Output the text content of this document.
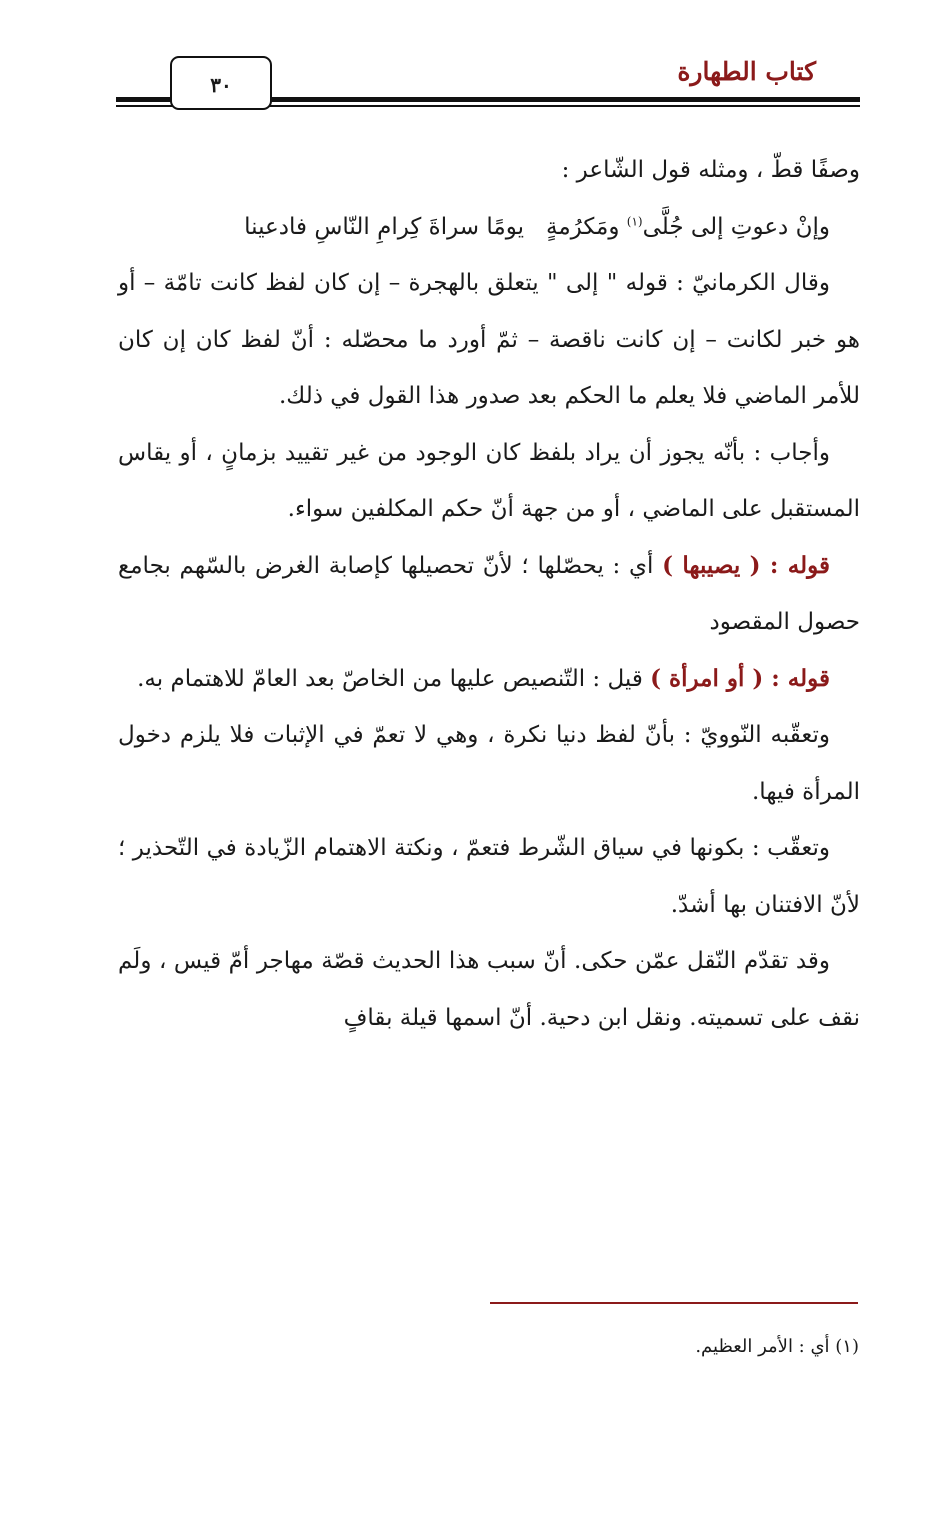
كتاب الطهارة
٣٠

وصفًا قطّ ، ومثله قول الشّاعر :

وإنْ دعوتِ إلى جُلَّى$^{(١)}$ ومَكرُمةٍ
يومًا سراةَ كِرامِ النّاسِ فادعينا

وقال الكرمانيّ : قوله " إلى " يتعلق بالهجرة – إن كان لفظ كانت تامّة – أو هو خبر لكانت – إن كانت ناقصة – ثمّ أورد ما محصّله : أنّ لفظ كان إن كان للأمر الماضي فلا يعلم ما الحكم بعد صدور هذا القول في ذلك.

وأجاب : بأنّه يجوز أن يراد بلفظ كان الوجود من غير تقييد بزمانٍ ، أو يقاس المستقبل على الماضي ، أو من جهة أنّ حكم المكلفين سواء.

قوله : ( يصيبها ) أي : يحصّلها ؛ لأنّ تحصيلها كإصابة الغرض بالسّهم بجامع حصول المقصود

قوله : ( أو امرأة ) قيل : التّنصيص عليها من الخاصّ بعد العامّ للاهتمام به.

وتعقّبه النّوويّ : بأنّ لفظ دنيا نكرة ، وهي لا تعمّ في الإثبات فلا يلزم دخول المرأة فيها.

وتعقّب : بكونها في سياق الشّرط فتعمّ ، ونكتة الاهتمام الزّيادة في التّحذير ؛ لأنّ الافتنان بها أشدّ.

وقد تقدّم النّقل عمّن حكى. أنّ سبب هذا الحديث قصّة مهاجر أمّ قيس ، ولَم نقف على تسميته. ونقل ابن دحية. أنّ اسمها قيلة بقافٍ

(١) أي : الأمر العظيم.
